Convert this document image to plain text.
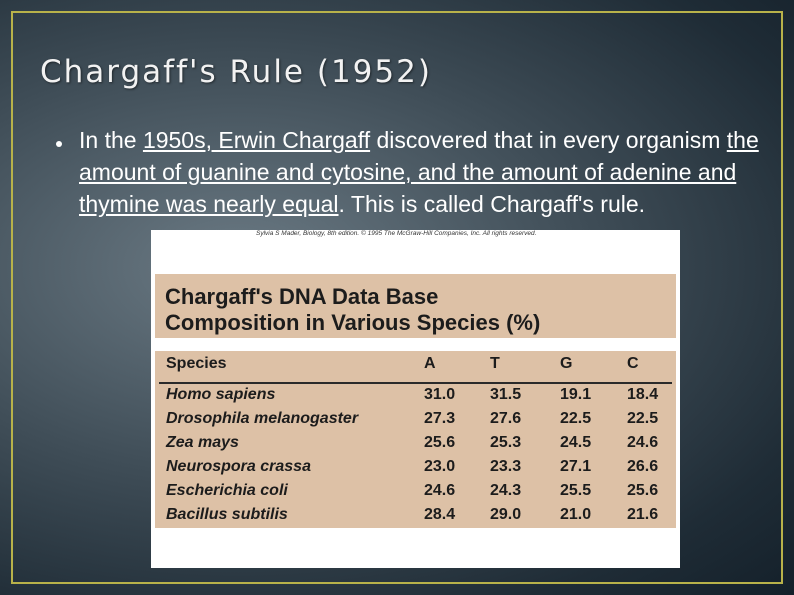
Chargaff's Rule (1952)
In the 1950s, Erwin Chargaff discovered that in every organism the amount of guanine and cytosine, and the amount of adenine and thymine was nearly equal. This is called Chargaff's rule.
Sylvia S Mader, Biology, 8th edition. © 1995 The McGraw-Hill Companies, Inc. All rights reserved.
Chargaff's DNA Data Base
Composition in Various Species (%)
Species	A	T	G	C
Homo sapiens	31.0 31.5 19.1 18.4
Drosophila melanogaster	27.3 27.6 22.5 22.5
Zea mays	25.6 25.3 24.5 24.6
Neurospora crassa	23.0 23.3 27.1 26.6
Escherichia coli	24.6 24.3 25.5 25.6
Bacillus subtilis	28.4 29.0 21.0 21.6
